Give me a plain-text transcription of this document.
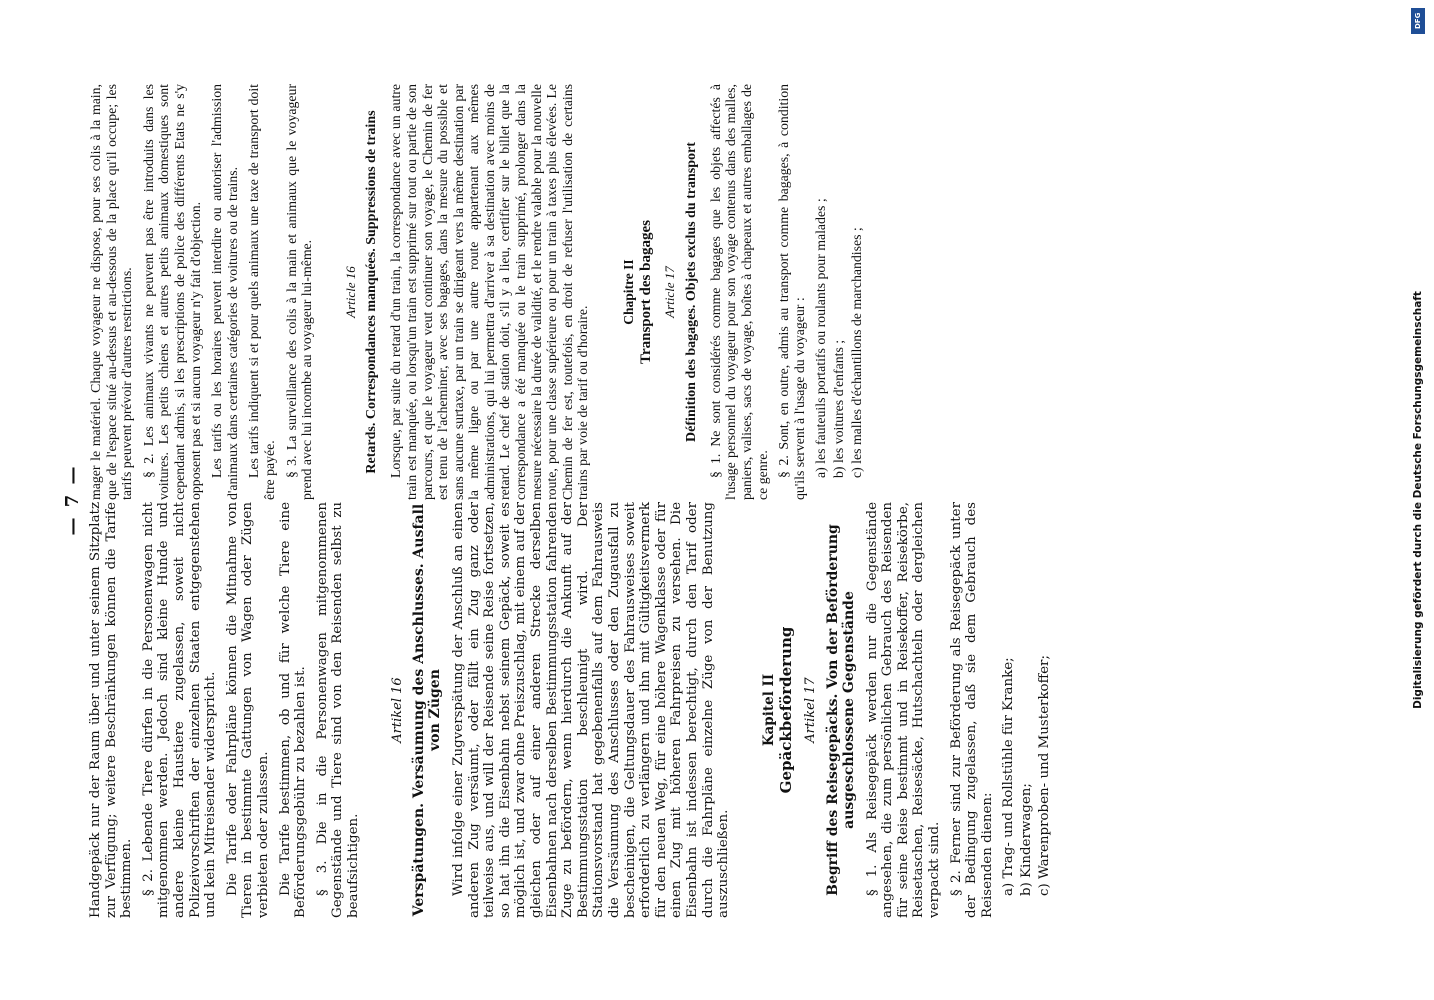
— 7 —

Handgepäck nur der Raum über und unter seinem Sitzplatz zur Verfügung; weitere Beschränkungen können die Tarife bestimmen. § 2. Lebende Tiere dürfen in die Personenwagen nicht mitgenommen werden. Jedoch sind kleine Hunde und andere kleine Haustiere zugelassen, soweit nicht Polizeivorschriften der einzelnen Staaten entgegenstehen und kein Mitreisender widerspricht. Die Tarife oder Fahrpläne können die Mitnahme von Tieren in bestimmte Gattungen von Wagen oder Zügen verbieten oder zulassen. Die Tarife bestimmen, ob und für welche Tiere eine Beförderungsgebühr zu bezahlen ist. § 3. Die in die Personenwagen mitgenommenen Gegenstände und Tiere sind von den Reisenden selbst zu beaufsichtigen.

Artikel 16 Verspätungen. Versäumung des Anschlusses. Ausfall von Zügen Wird infolge einer Zugverspätung der Anschluß an einen anderen Zug versäumt, oder fällt ein Zug ganz oder teilweise aus, und will der Reisende seine Reise fortsetzen, so hat ihn die Eisenbahn nebst seinem Gepäck, soweit es möglich ist, und zwar ohne Preiszuschlag, mit einem auf der gleichen oder auf einer anderen Strecke derselben Eisenbahnen nach derselben Bestimmungsstation fahrenden Zuge zu befördern, wenn hierdurch die Ankunft auf der Bestimmungsstation beschleunigt wird. Der Stationsvorstand hat gegebenenfalls auf dem Fahrausweis die Versäumung des Anschlusses oder den Zugausfall zu bescheinigen, die Geltungsdauer des Fahrausweises soweit erforderlich zu verlängern und ihn mit Gültigkeitsvermerk für den neuen Weg, für eine höhere Wagenklasse oder für einen Zug mit höheren Fahrpreisen zu versehen. Die Eisenbahn ist indessen berechtigt, durch den Tarif oder durch die Fahrpläne einzelne Züge von der Benutzung auszuschließen.

Kapitel II Gepäckbeförderung Artikel 17 Begriff des Reisegepäcks. Von der Beförderung ausgeschlossene Gegenstände § 1. Als Reisegepäck werden nur die Gegenstände angesehen, die zum persönlichen Gebrauch des Reisenden für seine Reise bestimmt und in Reisekoffer, Reisekörbe, Reisetaschen, Reisesäcke, Hutschachteln oder dergleichen verpackt sind. § 2. Ferner sind zur Beförderung als Reisegepäck unter der Bedingung zugelassen, daß sie dem Gebrauch des Reisenden dienen: a) Trag- und Rollstühle für Kranke; b) Kinderwagen; c) Warenproben- und Musterkoffer;

mager le matériel. Chaque voyageur ne dispose, pour ses colis à la main, que de l'espace situé au-dessus et au-dessous de la place qu'il occupe; les tarifs peuvent prévoir d'autres restrictions. § 2. Les animaux vivants ne peuvent pas être introduits dans les voitures. Les petits chiens et autres petits animaux domestiques sont cependant admis, si les prescriptions de police des différents Etats ne s'y opposent pas et si aucun voyageur n'y fait d'objection. Les tarifs ou les horaires peuvent interdire ou autoriser l'admission d'animaux dans certaines catégories de voitures ou de trains. Les tarifs indiquent si et pour quels animaux une taxe de transport doit être payée. § 3. La surveillance des colis à la main et animaux que le voyageur prend avec lui incombe au voyageur lui-même. Article 16 Retards. Correspondances manquées. Suppressions de trains Lorsque, par suite du retard d'un train, la correspondance avec un autre train est manquée, ou lorsqu'un train est supprimé sur tout ou partie de son parcours, et que le voyageur veut continuer son voyage, le Chemin de fer est tenu de l'acheminer, avec ses bagages, dans la mesure du possible et sans aucune surtaxe, par un train se dirigeant vers la même destination par la même ligne ou par une autre route appartenant aux mêmes administrations, qui lui permettra d'arriver à sa destination avec moins de retard. Le chef de station doit, s'il y a lieu, certifier sur le billet que la correspondance a été manquée ou le train supprimé, prolonger dans la mesure nécessaire la durée de validité, et le rendre valable pour la nouvelle route, pour une classe supérieure ou pour un train à taxes plus élevées. Le Chemin de fer est, toutefois, en droit de refuser l'utilisation de certains trains par voie de tarif ou d'horaire.

Chapitre II Transport des bagages Article 17 Définition des bagages. Objets exclus du transport § 1. Ne sont considérés comme bagages que les objets affectés à l'usage personnel du voyageur pour son voyage contenus dans des malles, paniers, valises, sacs de voyage, boîtes à chapeaux et autres emballages de ce genre. § 2. Sont, en outre, admis au transport comme bagages, à condition qu'ils servent à l'usage du voyageur : a) les fauteuils portatifs ou roulants pour malades ; b) les voitures d'enfants ; c) les malles d'échantillons de marchandises ;

DFG
Digitalisierung gefördert durch die Deutsche Forschungsgemeinschaft
